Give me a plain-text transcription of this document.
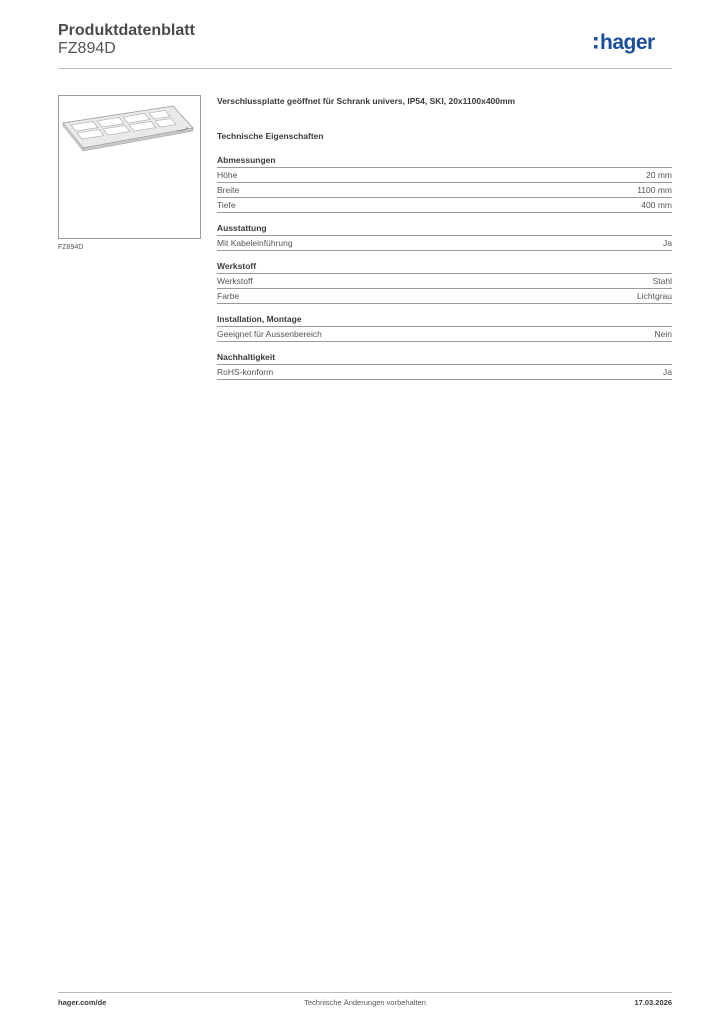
Produktdatenblatt
FZ894D	hager
FZ894D
Verschlussplatte geöffnet für Schrank univers, IP54, SKI, 20x1100x400mm
Technische Eigenschaften
Abmessungen
Höhe	20 mm
Breite	1100 mm
Tiefe	400 mm
Ausstattung
Mit Kabeleinführung	Ja
Werkstoff
Werkstoff	Stahl
Farbe	Lichtgrau
Installation, Montage
Geeignet für Aussenbereich	Nein
Nachhaltigkeit
RoHS-konform	Ja
hager.com/de	Technische Änderungen vorbehalten	17.03.2026
